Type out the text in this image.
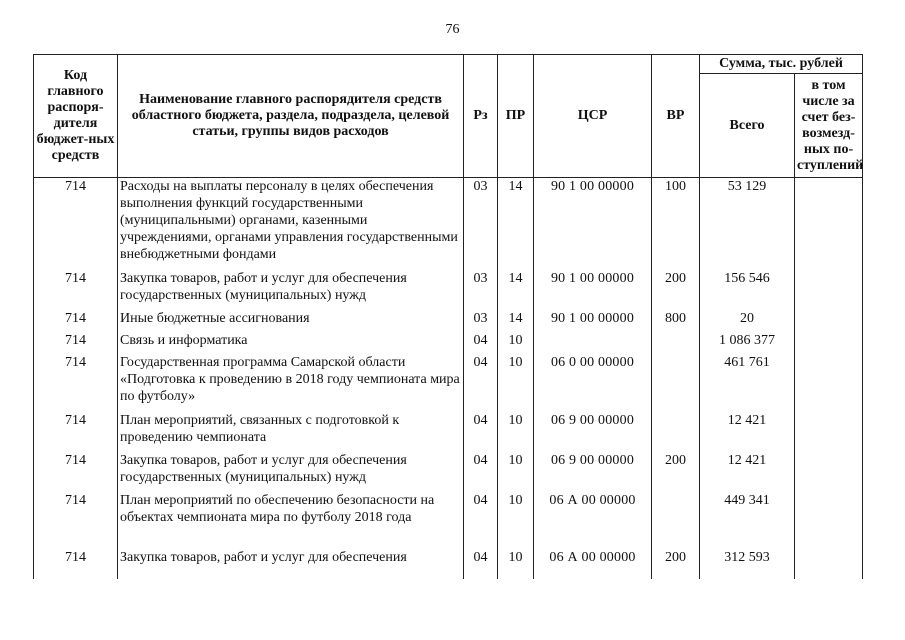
76
Код главного распоря-дителя бюджет-ных средств	Наименование главного распорядителя средств областного бюджета, раздела, подраздела, целевой статьи, группы видов расходов	Рз	ПР	ЦСР	ВР	Сумма, тыс. рублей	
						Всего	в том числе за счет без-возмезд-ных по-ступлений
714	Расходы на выплаты персоналу в целях обеспечения выполнения функций государственными (муниципальными) органами, казенными учреждениями, органами управления государственными внебюджетными фондами	03	14	90 1 00 00000	100	53 129	
714	Закупка товаров, работ и услуг для обеспечения государственных (муниципальных) нужд	03	14	90 1 00 00000	200	156 546	
714	Иные бюджетные ассигнования	03	14	90 1 00 00000	800	20	
714	Связь и информатика	04	10			1 086 377	
714	Государственная программа Самарской области «Подготовка к проведению в 2018 году чемпионата мира по футболу»	04	10	06 0 00 00000		461 761	
714	План мероприятий, связанных с подготовкой к проведению чемпионата	04	10	06 9 00 00000		12 421	
714	Закупка товаров, работ и услуг для обеспечения государственных (муниципальных) нужд	04	10	06 9 00 00000	200	12 421	
714	План мероприятий по обеспечению безопасности на объектах чемпионата мира по футболу 2018 года	04	10	06 А 00 00000		449 341	
714	Закупка товаров, работ и услуг для обеспечения	04	10	06 А 00 00000	200	312 593	
